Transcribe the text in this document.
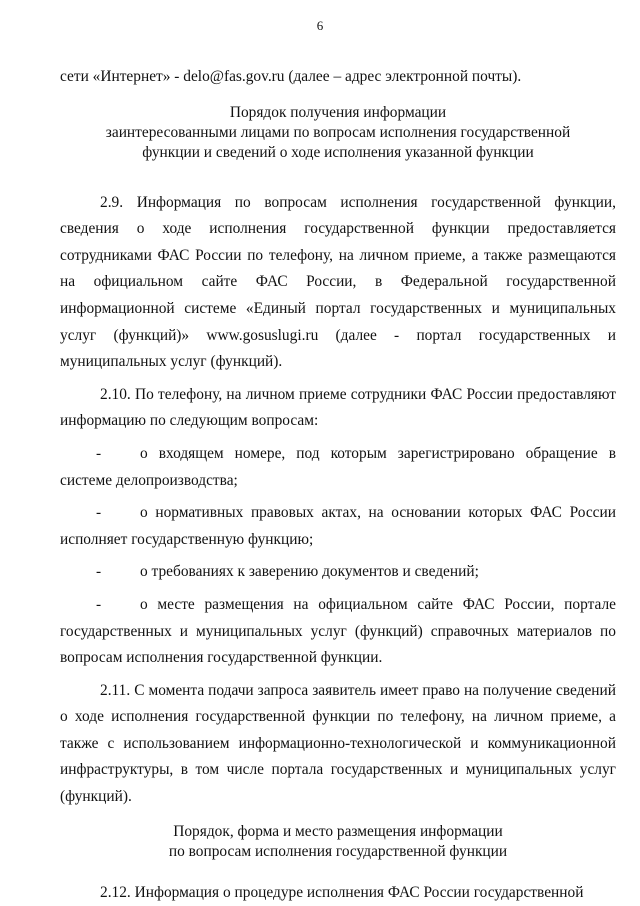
6

сети «Интернет» - delo@fas.gov.ru (далее – адрес электронной почты).

Порядок получения информации
заинтересованными лицами по вопросам исполнения государственной
функции и сведений о ходе исполнения указанной функции

2.9. Информация по вопросам исполнения государственной функции, сведения о ходе исполнения государственной функции предоставляется сотрудниками ФАС России по телефону, на личном приеме, а также размещаются на официальном сайте ФАС России, в Федеральной государственной информационной системе «Единый портал государственных и муниципальных услуг (функций)» www.gosuslugi.ru (далее - портал государственных и муниципальных услуг (функций).

2.10. По телефону, на личном приеме сотрудники ФАС России предоставляют информацию по следующим вопросам:

-	о входящем номере, под которым зарегистрировано обращение в системе делопроизводства;

-	о нормативных правовых актах, на основании которых ФАС России исполняет государственную функцию;

-	о требованиях к заверению документов и сведений;

-	о месте размещения на официальном сайте ФАС России, портале государственных и муниципальных услуг (функций) справочных материалов по вопросам исполнения государственной функции.

2.11. С момента подачи запроса заявитель имеет право на получение сведений о ходе исполнения государственной функции по телефону, на личном приеме, а также с использованием информационно-технологической и коммуникационной инфраструктуры, в том числе портала государственных и муниципальных услуг (функций).

Порядок, форма и место размещения информации
по вопросам исполнения государственной функции

2.12. Информация о процедуре исполнения ФАС России государственной
